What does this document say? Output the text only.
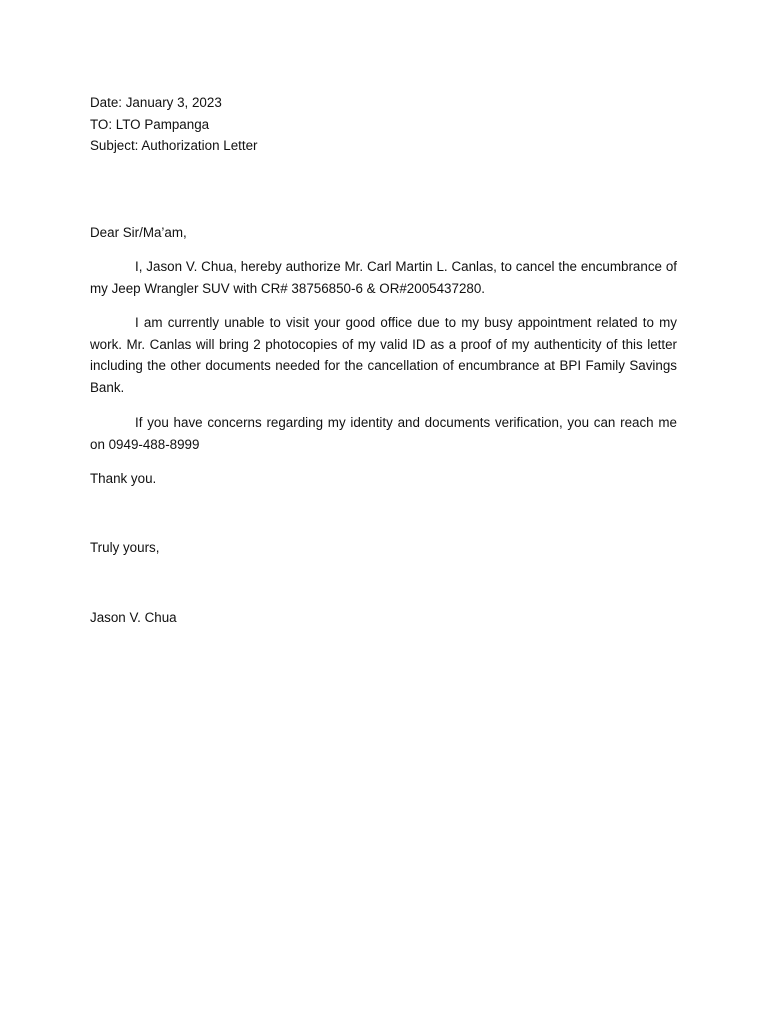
Date: January 3, 2023
TO: LTO Pampanga
Subject: Authorization Letter

Dear Sir/Ma’am,

I, Jason V. Chua, hereby authorize Mr. Carl Martin L. Canlas, to cancel the encumbrance of my Jeep Wrangler SUV with CR# 38756850-6 & OR#2005437280.

I am currently unable to visit your good office due to my busy appointment related to my work. Mr. Canlas will bring 2 photocopies of my valid ID as a proof of my authenticity of this letter including the other documents needed for the cancellation of encumbrance at BPI Family Savings Bank.

If you have concerns regarding my identity and documents verification, you can reach me on 0949-488-8999

Thank you.

Truly yours,

Jason V. Chua
